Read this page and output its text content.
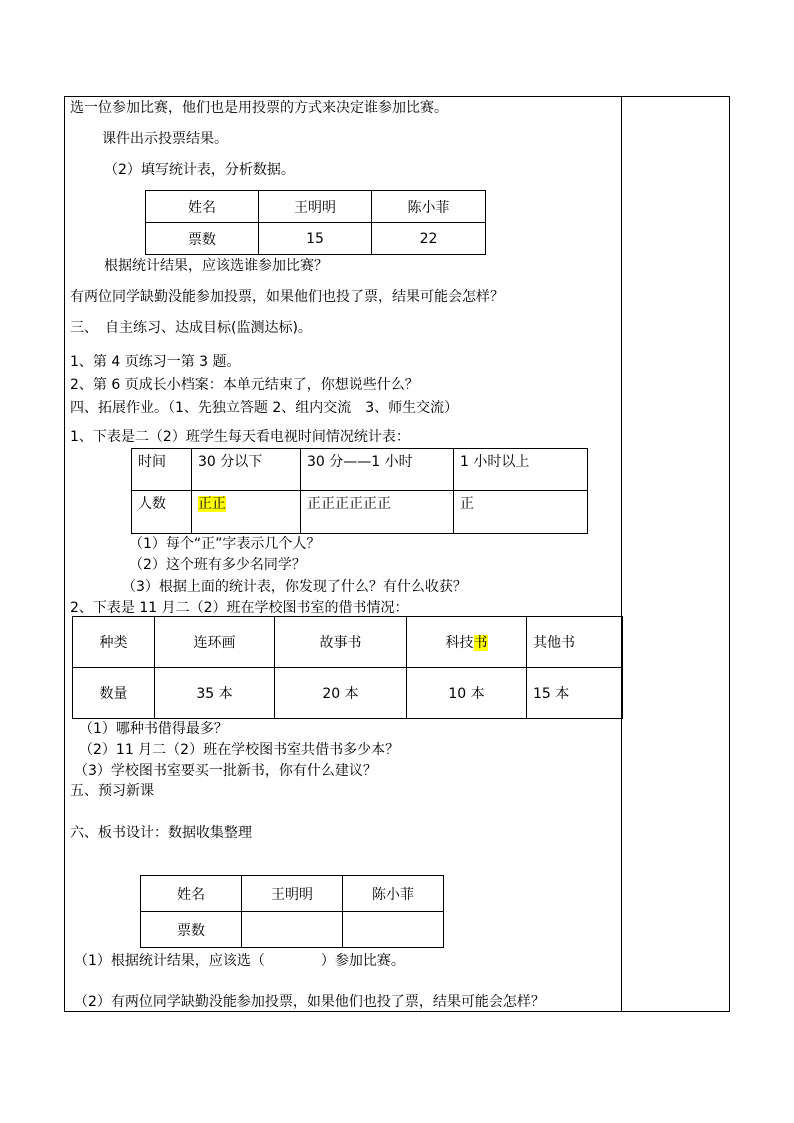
选一位参加比赛，他们也是用投票的方式来决定谁参加比赛。
课件出示投票结果。
（2）填写统计表，分析数据。
姓名	王明明	陈小菲
票数	15	22
根据统计结果，应该选谁参加比赛？
有两位同学缺勤没能参加投票，如果他们也投了票，结果可能会怎样？
三、　自主练习、达成目标(监测达标)。
1、第 4 页练习一第 3 题。
2、第 6 页成长小档案：本单元结束了，你想说些什么？
四、拓展作业。（1、先独立答题 2、组内交流　3、师生交流）
1、下表是二（2）班学生每天看电视时间情况统计表：
时间	30 分以下	30 分——1 小时	1 小时以上
人数	正正	正正正正正正	正
（1）每个“正”字表示几个人？
（2）这个班有多少名同学？
（3）根据上面的统计表，你发现了什么？有什么收获？
2、下表是 11 月二（2）班在学校图书室的借书情况：
种类	连环画	故事书	科技书	其他书
数量	35 本	20 本	10 本	15 本
（1）哪种书借得最多？
（2）11 月二（2）班在学校图书室共借书多少本？
（3）学校图书室要买一批新书，你有什么建议？
五、预习新课
六、板书设计：数据收集整理
姓名	王明明	陈小菲
票数		
（1）根据统计结果，应该选（　　　　）参加比赛。
（2）有两位同学缺勤没能参加投票，如果他们也投了票，结果可能会怎样？
